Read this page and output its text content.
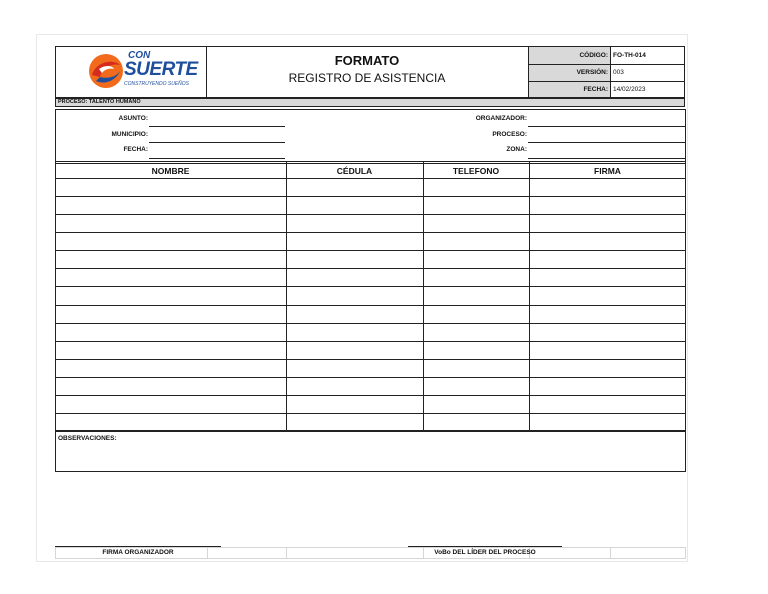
CON
SUERTE
CONSTRUYENDO SUEÑOS
FORMATO
REGISTRO DE ASISTENCIA
CÓDIGO: FO-TH-014
VERSIÓN: 003
FECHA: 14/02/2023
PROCESO: TALENTO HUMANO
ASUNTO:
MUNICIPIO:
FECHA:
ORGANIZADOR:
PROCESO:
ZONA:
NOMBRE	CÉDULA	TELEFONO	FIRMA
OBSERVACIONES:
FIRMA ORGANIZADOR	VoBo DEL LÍDER DEL PROCESO
